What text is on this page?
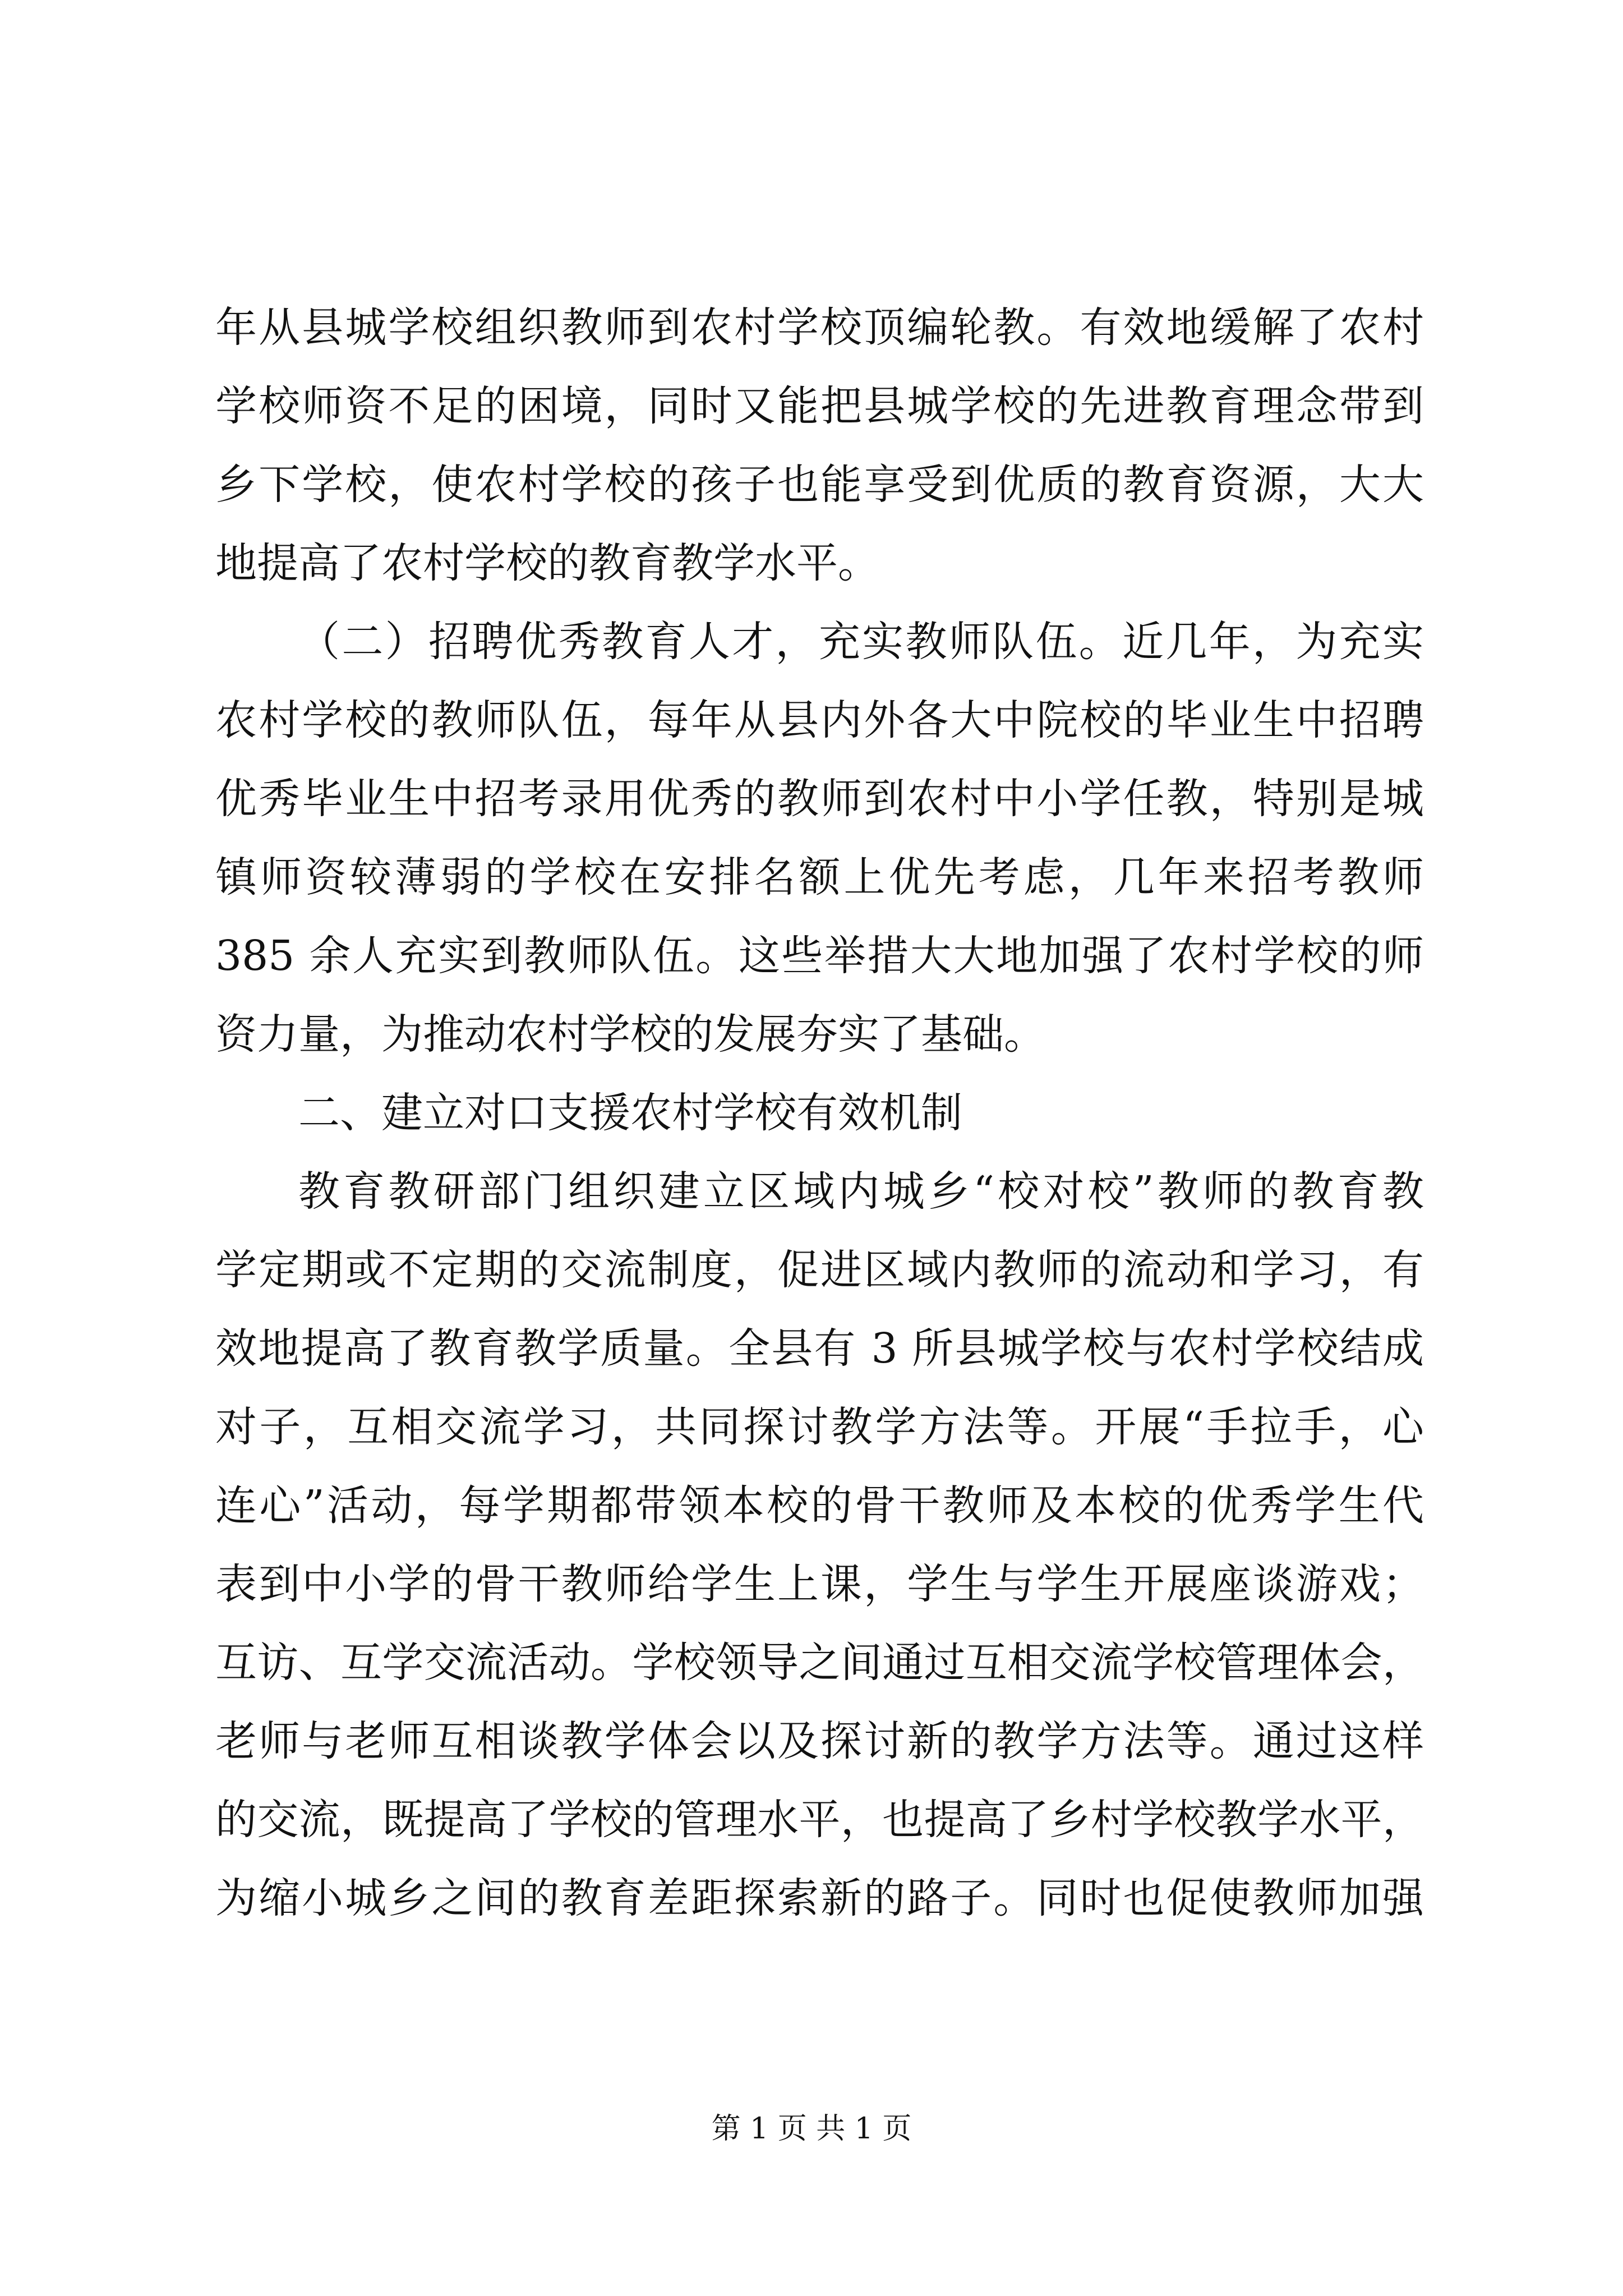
年从县城学校组织教师到农村学校顶编轮教。有效地缓解了农村
学校师资不足的困境，同时又能把县城学校的先进教育理念带到
乡下学校，使农村学校的孩子也能享受到优质的教育资源，大大
地提高了农村学校的教育教学水平。
（二）招聘优秀教育人才，充实教师队伍。近几年，为充实
农村学校的教师队伍，每年从县内外各大中院校的毕业生中招聘
优秀毕业生中招考录用优秀的教师到农村中小学任教，特别是城
镇师资较薄弱的学校在安排名额上优先考虑，几年来招考教师
385 余人充实到教师队伍。这些举措大大地加强了农村学校的师
资力量，为推动农村学校的发展夯实了基础。
二、建立对口支援农村学校有效机制
教育教研部门组织建立区域内城乡“校对校”教师的教育教
学定期或不定期的交流制度，促进区域内教师的流动和学习，有
效地提高了教育教学质量。全县有 3 所县城学校与农村学校结成
对子，互相交流学习，共同探讨教学方法等。开展“手拉手，心
连心”活动，每学期都带领本校的骨干教师及本校的优秀学生代
表到中小学的骨干教师给学生上课，学生与学生开展座谈游戏；
互访、互学交流活动。学校领导之间通过互相交流学校管理体会，
老师与老师互相谈教学体会以及探讨新的教学方法等。通过这样
的交流，既提高了学校的管理水平，也提高了乡村学校教学水平，
为缩小城乡之间的教育差距探索新的路子。同时也促使教师加强
第 1 页 共 1 页
